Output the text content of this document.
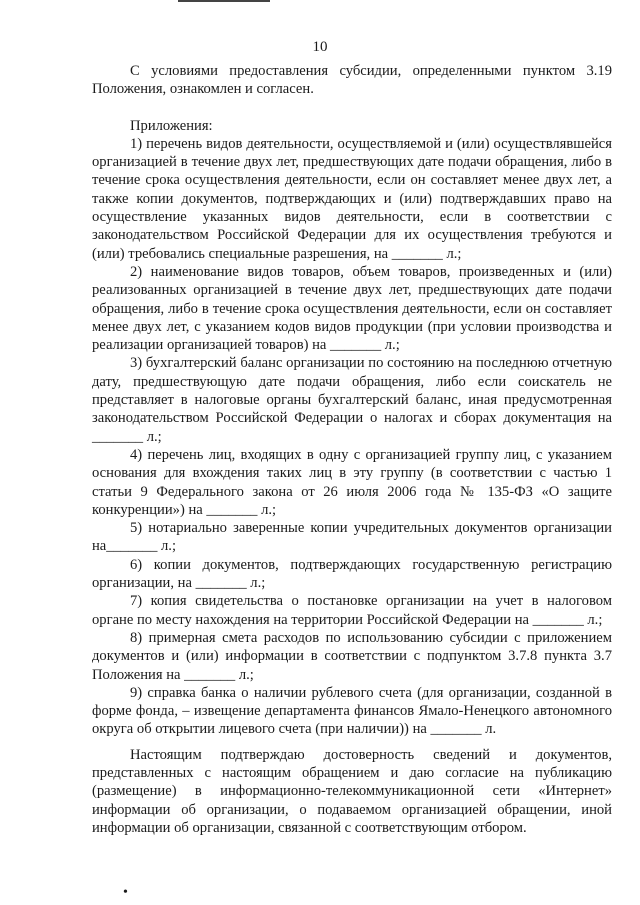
10

С условиями предоставления субсидии, определенными пунктом 3.19 Положения, ознакомлен и согласен.

Приложения:

1) перечень видов деятельности, осуществляемой и (или) осуществлявшейся организацией в течение двух лет, предшествующих дате подачи обращения, либо в течение срока осуществления деятельности, если он составляет менее двух лет, а также копии документов, подтверждающих и (или) подтверждавших право на осуществление указанных видов деятельности, если в соответствии с законодательством Российской Федерации для их осуществления требуются и (или) требовались специальные разрешения, на _______ л.;

2) наименование видов товаров, объем товаров, произведенных и (или) реализованных организацией в течение двух лет, предшествующих дате подачи обращения, либо в течение срока осуществления деятельности, если он составляет менее двух лет, с указанием кодов видов продукции (при условии производства и реализации организацией товаров) на _______ л.;

3) бухгалтерский баланс организации по состоянию на последнюю отчетную дату, предшествующую дате подачи обращения, либо если соискатель не представляет в налоговые органы бухгалтерский баланс, иная предусмотренная законодательством Российской Федерации о налогах и сборах документация на _______ л.;

4) перечень лиц, входящих в одну с организацией группу лиц, с указанием основания для вхождения таких лиц в эту группу (в соответствии с частью 1 статьи 9 Федерального закона от 26 июля 2006 года № 135-ФЗ «О защите конкуренции») на _______ л.;

5) нотариально заверенные копии учредительных документов организации на_______ л.;

6) копии документов, подтверждающих государственную регистрацию организации, на _______ л.;

7) копия свидетельства о постановке организации на учет в налоговом органе по месту нахождения на территории Российской Федерации на _______ л.;

8) примерная смета расходов по использованию субсидии с приложением документов и (или) информации в соответствии с подпунктом 3.7.8 пункта 3.7 Положения на _______ л.;

9) справка банка о наличии рублевого счета (для организации, созданной в форме фонда, – извещение департамента финансов Ямало-Ненецкого автономного округа об открытии лицевого счета (при наличии)) на _______ л.

Настоящим подтверждаю достоверность сведений и документов, представленных с настоящим обращением и даю согласие на публикацию (размещение) в информационно-телекоммуникационной сети «Интернет» информации об организации, о подаваемом организацией обращении, иной информации об организации, связанной с соответствующим отбором.

•
